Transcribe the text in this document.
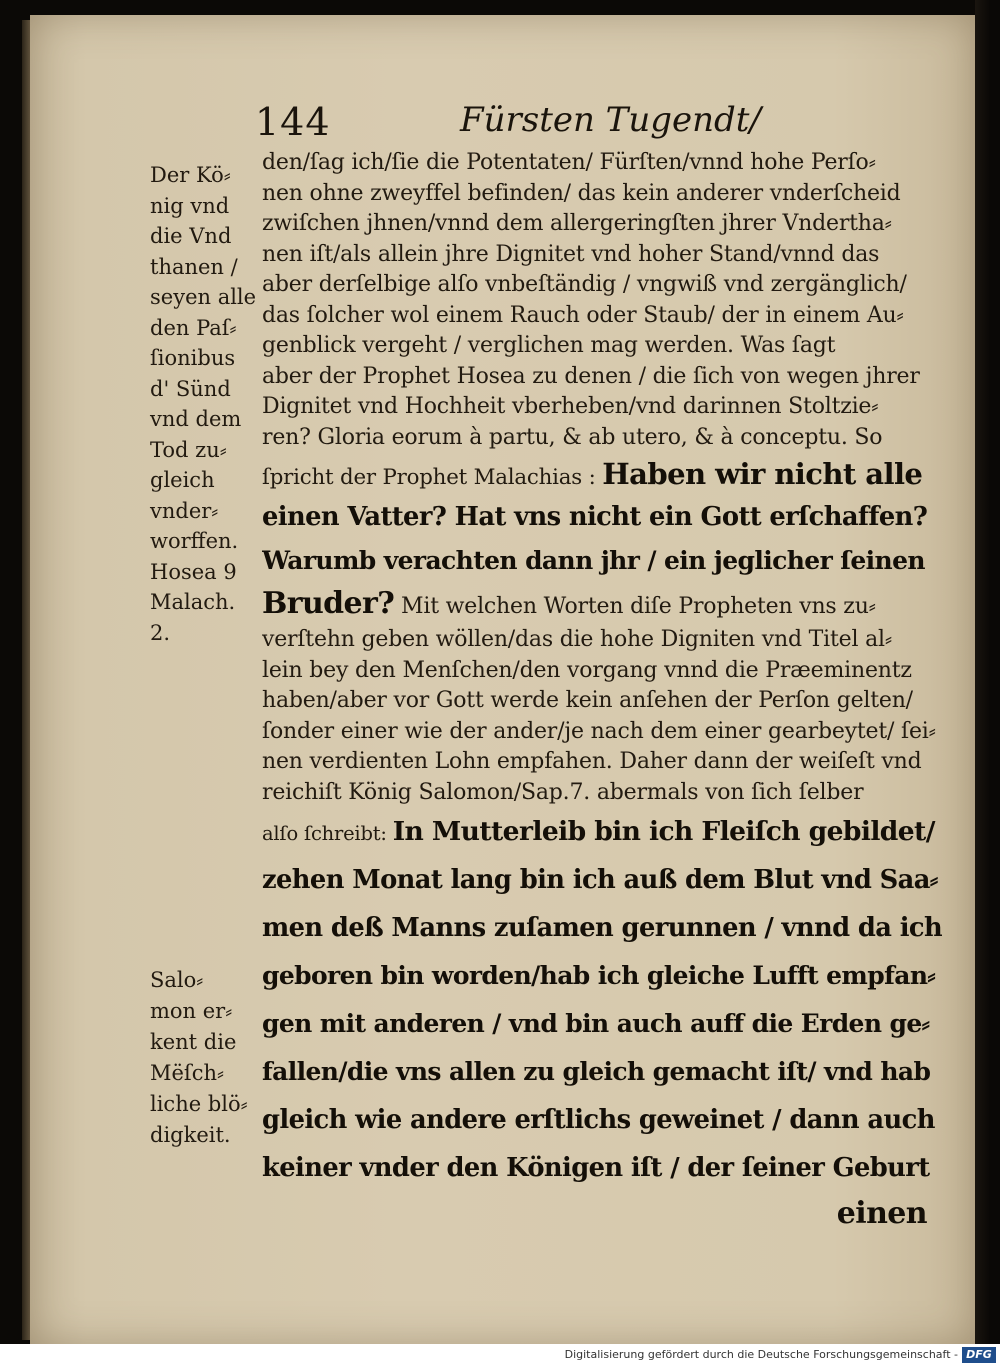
144	Fürsten Tugendt/
Der Kö⸗
nig vnd
die Vnd
thanen /
seyen alle
den Paſ⸗
ſionibus
d' Sünd
vnd dem
Tod zu⸗
gleich
vnder⸗
worffen.
Hosea 9
Malach.
2.
Salo⸗
mon er⸗
kent die
Mëſch⸗
liche blö⸗
digkeit.
den/ſag ich/ſie die Potentaten/ Fürſten/vnnd hohe Perſo⸗
nen ohne zweyffel befinden/ das kein anderer vnderſcheid
zwiſchen jhnen/vnnd dem allergeringſten jhrer Vndertha⸗
nen iſt/als allein jhre Dignitet vnd hoher Stand/vnnd das
aber derſelbige alſo vnbeſtändig / vngwiß vnd zergänglich/
das ſolcher wol einem Rauch oder Staub/ der in einem Au⸗
genblick vergeht / verglichen mag werden. Was ſagt
aber der Prophet Hosea zu denen / die ſich von wegen jhrer
Dignitet vnd Hochheit vberheben/vnd darinnen Stoltzie⸗
ren? Gloria eorum à partu, & ab utero, & à conceptu. So
ſpricht der Prophet Malachias : Haben wir nicht alle
einen Vatter? Hat vns nicht ein Gott erſchaffen?
Warumb verachten dann jhr / ein jeglicher ſeinen
Bruder? Mit welchen Worten diſe Propheten vns zu⸗
verſtehn geben wöllen/das die hohe Digniten vnd Titel al⸗
lein bey den Menſchen/den vorgang vnnd die Præeminentz
haben/aber vor Gott werde kein anſehen der Perſon gelten/
ſonder einer wie der ander/je nach dem einer gearbeytet/ ſei⸗
nen verdienten Lohn empfahen. Daher dann der weiſeſt vnd
reichiſt König Salomon/Sap.7. abermals von ſich ſelber
alſo ſchreibt: In Mutterleib bin ich Fleiſch gebildet/
zehen Monat lang bin ich auß dem Blut vnd Saa⸗
men deß Manns zuſamen gerunnen / vnnd da ich
geboren bin worden/hab ich gleiche Lufft empfan⸗
gen mit anderen / vnd bin auch auff die Erden ge⸗
fallen/die vns allen zu gleich gemacht iſt/ vnd hab
gleich wie andere erſtlichs geweinet / dann auch
keiner vnder den Königen iſt / der ſeiner Geburt
einen
Digitalisierung gefördert durch die Deutsche Forschungsgemeinschaft - DFG
